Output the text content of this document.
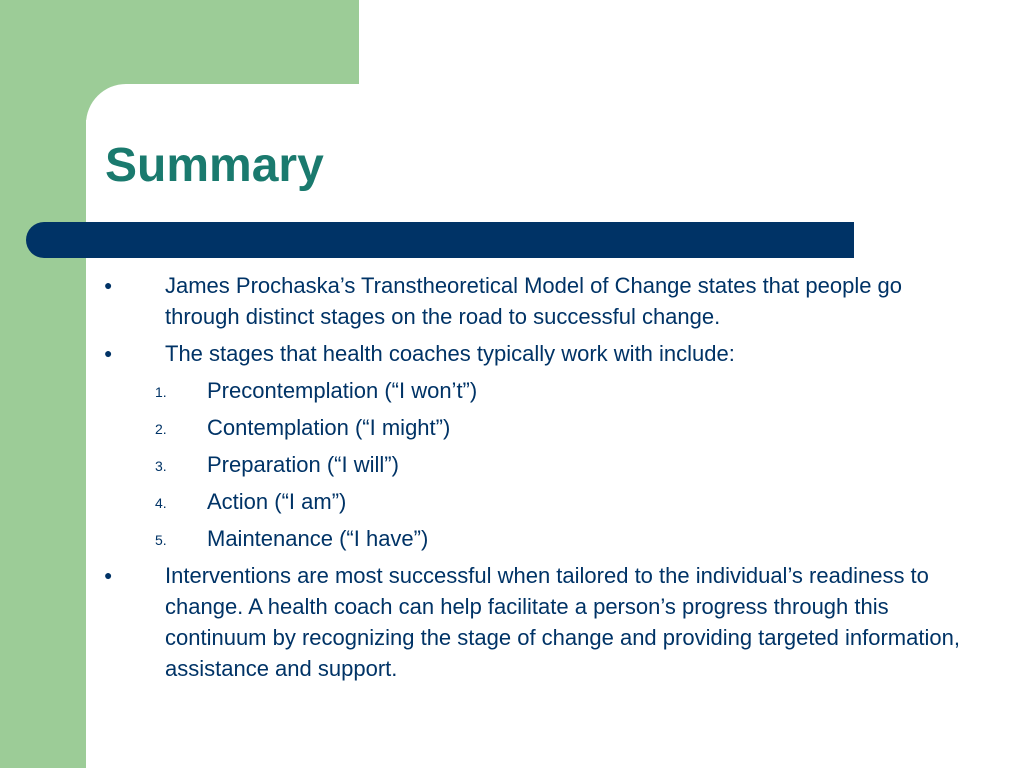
Summary
● James Prochaska’s Transtheoretical Model of Change states that people go through distinct stages on the road to successful change.
● The stages that health coaches typically work with include:
1. Precontemplation (“I won’t”)
2. Contemplation (“I might”)
3. Preparation (“I will”)
4. Action (“I am”)
5. Maintenance (“I have”)
● Interventions are most successful when tailored to the individual’s readiness to change. A health coach can help facilitate a person’s progress through this continuum by recognizing the stage of change and providing targeted information, assistance and support.
